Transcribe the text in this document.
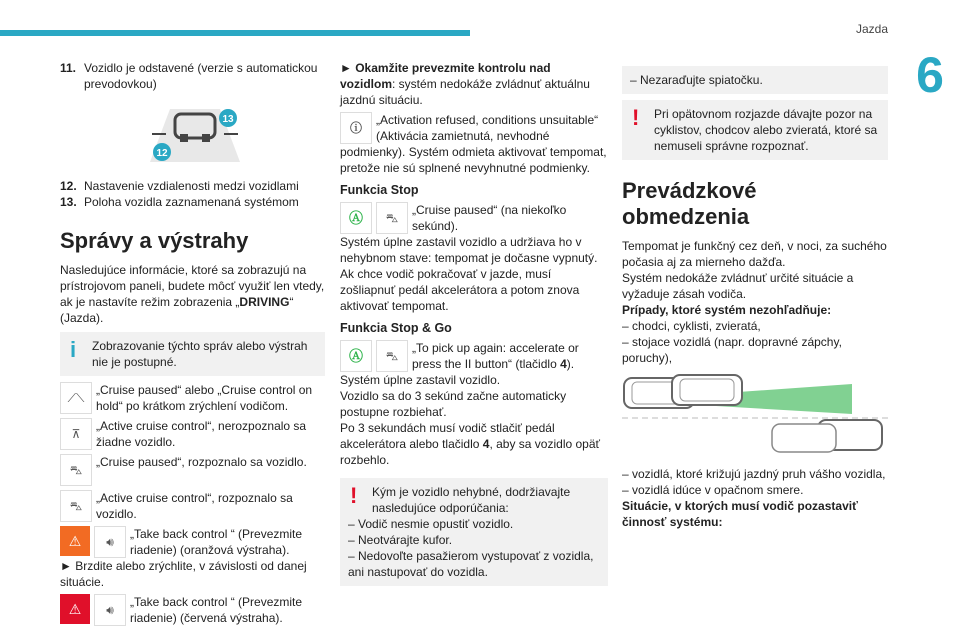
Jazda
6
11. Vozidlo je odstavené (verzie s automatickou prevodovkou)
13
12
12. Nastavenie vzdialenosti medzi vozidlami
13. Poloha vozidla zaznamenaná systémom
Správy a výstrahy

Nasledujúce informácie, ktoré sa zobrazujú na prístrojovom paneli, budete môcť využiť len vtedy, ak je nastavíte režim zobrazenia „DRIVING“ (Jazda).

i Zobrazovanie týchto správ alebo výstrah nie je postupné.
⟋⟍
„Cruise paused“ alebo „Cruise control on hold“ po krátkom zrýchlení vodičom.
⊼
„Active cruise control“, nerozpoznalo sa žiadne vozidlo.
⛍
„Cruise paused“, rozpoznalo sa vozidlo.
⛍
„Active cruise control“, rozpoznalo sa vozidlo.
⚠	🔊︎
„Take back control “ (Prevezmite riadenie) (oranžová výstraha).

► Brzdite alebo zrýchlite, v závislosti od danej situácie.

⚠	🔊︎
„Take back control “ (Prevezmite riadenie) (červená výstraha).

► Okamžite prevezmite kontrolu nad vozidlom: systém nedokáže zvládnuť aktuálnu jazdnú situáciu.

ⓘ
„Activation refused, conditions unsuitable“ (Aktivácia zamietnutá, nevhodné podmienky). Systém odmieta aktivovať tempomat, pretože nie sú splnené nevyhnutné podmienky.
Funkcia Stop
Ⓐ	⛍
„Cruise paused“ (na niekoľko sekúnd).

Systém úplne zastavil vozidlo a udržiava ho v nehybnom stave: tempomat je dočasne vypnutý. Ak chce vodič pokračovať v jazde, musí zošliapnuť pedál akcelerátora a potom znova aktivovať tempomat.

Funkcia Stop & Go
Ⓐ	⛍
„To pick up again: accelerate or press the II button“ (tlačidlo 4).

Systém úplne zastavil vozidlo.

Vozidlo sa do 3 sekúnd začne automaticky postupne rozbiehať.

Po 3 sekundách musí vodič stlačiť pedál akcelerátora alebo tlačidlo 4, aby sa vozidlo opäť rozbehlo.

! Kým je vozidlo nehybné, dodržiavajte nasledujúce odporúčania:

– Vodič nesmie opustiť vozidlo.

– Neotvárajte kufor.

– Nedovoľte pasažierom vystupovať z vozidla, ani nastupovať do vozidla.

– Nezaraďujte spiatočku.
! Pri opätovnom rozjazde dávajte pozor na cyklistov, chodcov alebo zvieratá, ktoré sa nemuseli správne rozpoznať.
Prevádzkové obmedzenia

Tempomat je funkčný cez deň, v noci, za suchého počasia aj za mierneho dažďa.

Systém nedokáže zvládnuť určité situácie a vyžaduje zásah vodiča.

Prípady, ktoré systém nezohľadňuje:

– chodci, cyklisti, zvieratá,

– stojace vozidlá (napr. dopravné zápchy, poruchy),

– vozidlá, ktoré križujú jazdný pruh vášho vozidla,

– vozidlá idúce v opačnom smere.

Situácie, v ktorých musí vodič pozastaviť činnosť systému:
